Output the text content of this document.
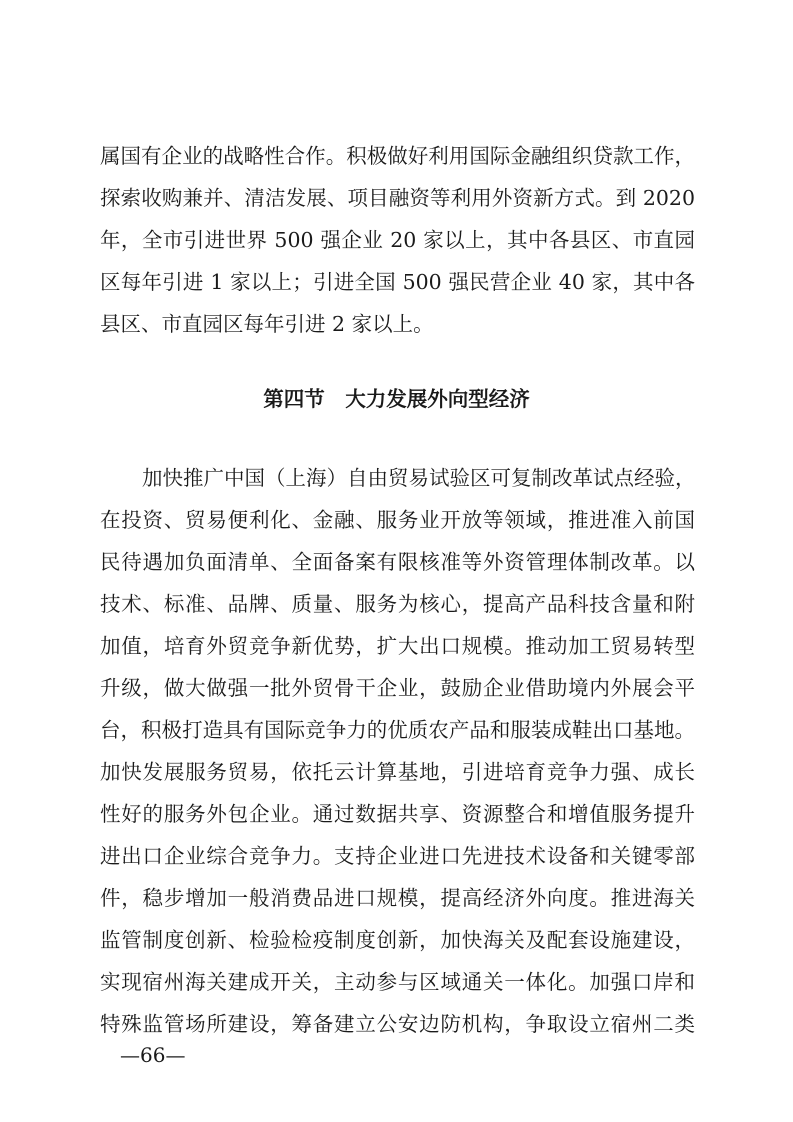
属国有企业的战略性合作。积极做好利用国际金融组织贷款工作，
探索收购兼并、清洁发展、项目融资等利用外资新方式。到 2020
年，全市引进世界 500 强企业 20 家以上，其中各县区、市直园
区每年引进 1 家以上；引进全国 500 强民营企业 40 家，其中各
县区、市直园区每年引进 2 家以上。
第四节　大力发展外向型经济
加快推广中国（上海）自由贸易试验区可复制改革试点经验，
在投资、贸易便利化、金融、服务业开放等领域，推进准入前国
民待遇加负面清单、全面备案有限核准等外资管理体制改革。以
技术、标准、品牌、质量、服务为核心，提高产品科技含量和附
加值，培育外贸竞争新优势，扩大出口规模。推动加工贸易转型
升级，做大做强一批外贸骨干企业，鼓励企业借助境内外展会平
台，积极打造具有国际竞争力的优质农产品和服装成鞋出口基地。
加快发展服务贸易，依托云计算基地，引进培育竞争力强、成长
性好的服务外包企业。通过数据共享、资源整合和增值服务提升
进出口企业综合竞争力。支持企业进口先进技术设备和关键零部
件，稳步增加一般消费品进口规模，提高经济外向度。推进海关
监管制度创新、检验检疫制度创新，加快海关及配套设施建设，
实现宿州海关建成开关，主动参与区域通关一体化。加强口岸和
特殊监管场所建设，筹备建立公安边防机构，争取设立宿州二类
—66—
